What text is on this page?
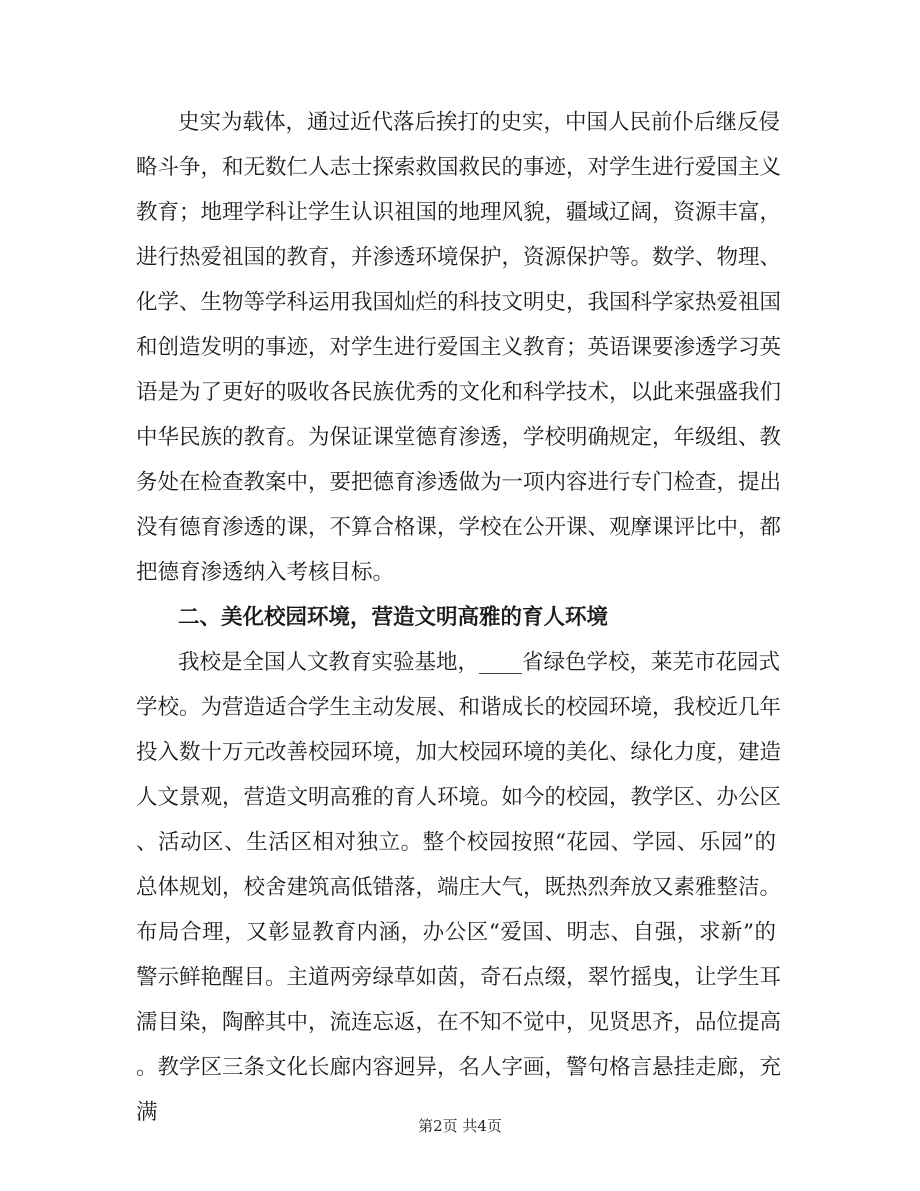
史实为载体，通过近代落后挨打的史实，中国人民前仆后继反侵
略斗争，和无数仁人志士探索救国救民的事迹，对学生进行爱国主义
教育；地理学科让学生认识祖国的地理风貌，疆域辽阔，资源丰富，
进行热爱祖国的教育，并渗透环境保护，资源保护等。数学、物理、
化学、生物等学科运用我国灿烂的科技文明史，我国科学家热爱祖国
和创造发明的事迹，对学生进行爱国主义教育；英语课要渗透学习英
语是为了更好的吸收各民族优秀的文化和科学技术，以此来强盛我们
中华民族的教育。为保证课堂德育渗透，学校明确规定，年级组、教
务处在检查教案中，要把德育渗透做为一项内容进行专门检查，提出
没有德育渗透的课，不算合格课，学校在公开课、观摩课评比中，都
把德育渗透纳入考核目标。
二、美化校园环境，营造文明高雅的育人环境
我校是全国人文教育实验基地，____省绿色学校，莱芜市花园式
学校。为营造适合学生主动发展、和谐成长的校园环境，我校近几年
投入数十万元改善校园环境，加大校园环境的美化、绿化力度，建造
人文景观，营造文明高雅的育人环境。如今的校园，教学区、办公区
、活动区、生活区相对独立。整个校园按照“花园、学园、乐园”的
总体规划，校舍建筑高低错落，端庄大气，既热烈奔放又素雅整洁。
布局合理，又彰显教育内涵，办公区“爱国、明志、自强，求新”的
警示鲜艳醒目。主道两旁绿草如茵，奇石点缀，翠竹摇曳，让学生耳
濡目染，陶醉其中，流连忘返，在不知不觉中，见贤思齐，品位提高
。教学区三条文化长廊内容迥异，名人字画，警句格言悬挂走廊，充
满
第2页 共4页
